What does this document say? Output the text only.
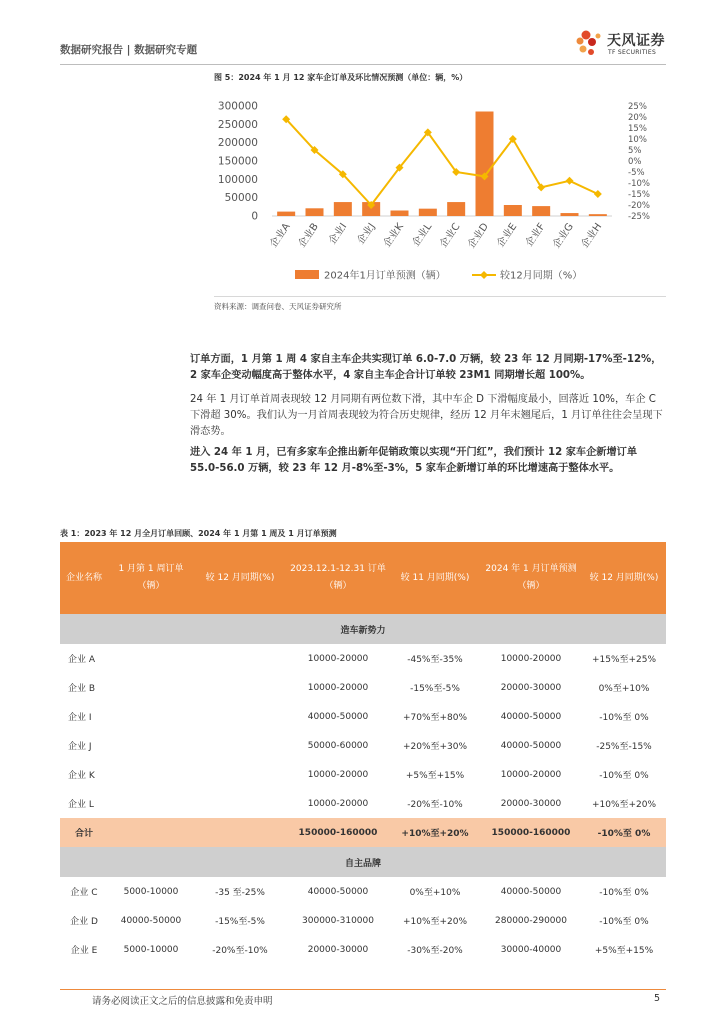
数据研究报告 | 数据研究专题
天风证券
TF SECURITIES
图 5：2024 年 1 月 12 家车企订单及环比情况预测（单位：辆，%）
0
50000
100000
150000
200000
250000
300000	25%
20%
15%
10%
5%
0%
-5%
-10%
-15%
-20%
-25%
企业A 企业B 企业I 企业J 企业K 企业L 企业C 企业D 企业E 企业F 企业G 企业H
2024年1月订单预测（辆）	较12月同期（%）
资料来源：调查问卷、天风证券研究所
订单方面，1 月第 1 周 4 家自主车企共实现订单 6.0-7.0 万辆，较 23 年 12 月同期-17%至-12%，2 家车企变动幅度高于整体水平，4 家自主车企合计订单较 23M1 同期增长超 100%。
24 年 1 月订单首周表现较 12 月同期有两位数下滑，其中车企 D 下滑幅度最小，回落近 10%，车企 C 下滑超 30%。我们认为一月首周表现较为符合历史规律，经历 12 月年末翘尾后，1 月订单往往会呈现下滑态势。
进入 24 年 1 月，已有多家车企推出新年促销政策以实现“开门红”，我们预计 12 家车企新增订单 55.0-56.0 万辆，较 23 年 12 月-8%至-3%，5 家车企新增订单的环比增速高于整体水平。
表 1：2023 年 12 月全月订单回顾、2024 年 1 月第 1 周及 1 月订单预测
企业名称	1 月第 1 周订单（辆）	较 12 月同期(%)	2023.12.1-12.31 订单（辆）	较 11 月同期(%)	2024 年 1 月订单预测（辆）	较 12 月同期(%)
造车新势力						
企业 A			10000-20000	-45%至-35%	10000-20000	+15%至+25%
企业 B			10000-20000	-15%至-5%	20000-30000	0%至+10%
企业 I			40000-50000	+70%至+80%	40000-50000	-10%至 0%
企业 J			50000-60000	+20%至+30%	40000-50000	-25%至-15%
企业 K			10000-20000	+5%至+15%	10000-20000	-10%至 0%
企业 L			10000-20000	-20%至-10%	20000-30000	+10%至+20%
合计			150000-160000	+10%至+20%	150000-160000	-10%至 0%
自主品牌						
企业 C	5000-10000	-35 至-25%	40000-50000	0%至+10%	40000-50000	-10%至 0%
企业 D	40000-50000	-15%至-5%	300000-310000	+10%至+20%	280000-290000	-10%至 0%
企业 E	5000-10000	-20%至-10%	20000-30000	-30%至-20%	30000-40000	+5%至+15%
请务必阅读正文之后的信息披露和免责申明	5
